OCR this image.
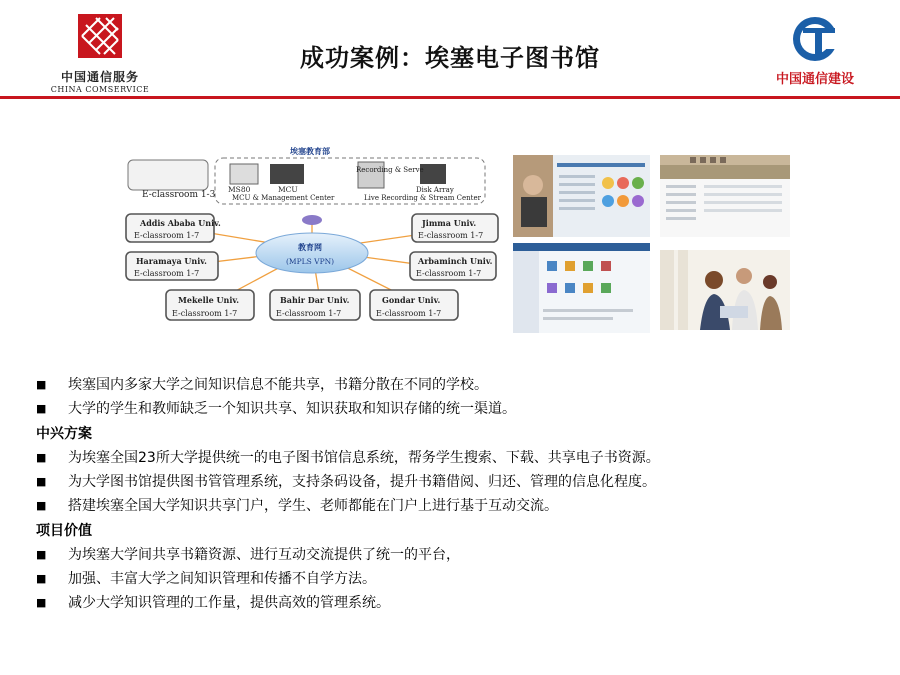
中国通信服务
CHINA COMSERVICE
成功案例：埃塞电子图书馆
中国通信建设
埃塞教育部
E-classroom 1-3
MS80	MCU
MCU & Management Center
Recording & Serve
Disk Array
Live Recording & Stream Center
教育网
(MPLS VPN)
Addis Ababa Univ.
E-classroom 1-7
Haramaya Univ.
E-classroom 1-7
Mekelle Univ.
E-classroom 1-7
Bahir Dar Univ.
E-classroom 1-7
Gondar Univ.
E-classroom 1-7
Arbaminch Univ.
E-classroom 1-7
Jimma Univ.
E-classroom 1-7
■ 埃塞国内多家大学之间知识信息不能共享，书籍分散在不同的学校。
■ 大学的学生和教师缺乏一个知识共享、知识获取和知识存储的统一渠道。
中兴方案
■ 为埃塞全国23所大学提供统一的电子图书馆信息系统，帮务学生搜索、下载、共享电子书资源。
■ 为大学图书馆提供图书管管理系统，支持条码设备，提升书籍借阅、归还、管理的信息化程度。
■ 搭建埃塞全国大学知识共享门户，学生、老师都能在门户上进行基于互动交流。
项目价值
■ 为埃塞大学间共享书籍资源、进行互动交流提供了统一的平台，
■ 加强、丰富大学之间知识管理和传播不自学方法。
■ 减少大学知识管理的工作量，提供高效的管理系统。
